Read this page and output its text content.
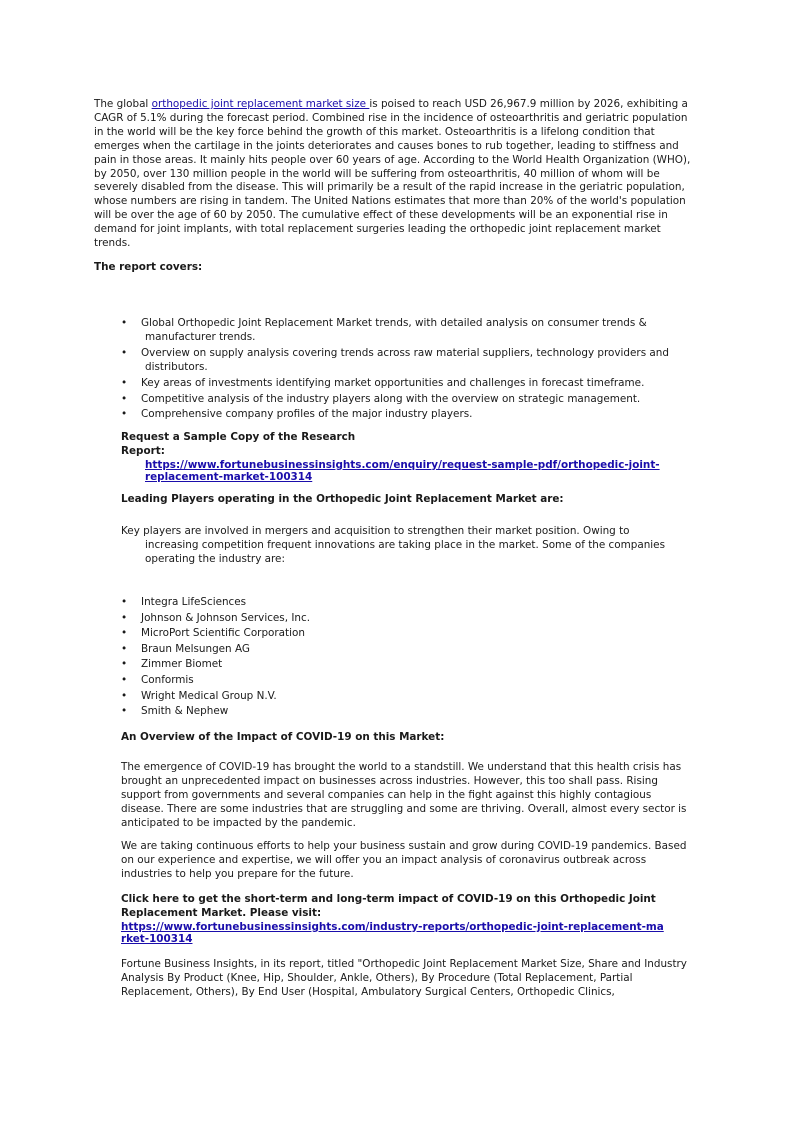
The global orthopedic joint replacement market size is poised to reach USD 26,967.9 million by 2026, exhibiting a CAGR of 5.1% during the forecast period. Combined rise in the incidence of osteoarthritis and geriatric population in the world will be the key force behind the growth of this market. Osteoarthritis is a lifelong condition that emerges when the cartilage in the joints deteriorates and causes bones to rub together, leading to stiffness and pain in those areas. It mainly hits people over 60 years of age. According to the World Health Organization (WHO), by 2050, over 130 million people in the world will be suffering from osteoarthritis, 40 million of whom will be severely disabled from the disease. This will primarily be a result of the rapid increase in the geriatric population, whose numbers are rising in tandem. The United Nations estimates that more than 20% of the world's population will be over the age of 60 by 2050. The cumulative effect of these developments will be an exponential rise in demand for joint implants, with total replacement surgeries leading the orthopedic joint replacement market trends.

The report covers:

• Global Orthopedic Joint Replacement Market trends, with detailed analysis on consumer trends &
manufacturer trends.
• Overview on supply analysis covering trends across raw material suppliers, technology providers and
distributors.
• Key areas of investments identifying market opportunities and challenges in forecast timeframe.
• Competitive analysis of the industry players along with the overview on strategic management.
• Comprehensive company profiles of the major industry players.

Request a Sample Copy of the Research

Report:

https://www.fortunebusinessinsights.com/enquiry/request-sample-pdf/orthopedic-joint-
replacement-market-100314

Leading Players operating in the Orthopedic Joint Replacement Market are:

Key players are involved in mergers and acquisition to strengthen their market position. Owing to

increasing competition frequent innovations are taking place in the market. Some of the companies
operating the industry are:

• Integra LifeSciences
• Johnson & Johnson Services, Inc.
• MicroPort Scientific Corporation
• Braun Melsungen AG
• Zimmer Biomet
• Conformis
• Wright Medical Group N.V.
• Smith & Nephew

An Overview of the Impact of COVID-19 on this Market:

The emergence of COVID-19 has brought the world to a standstill. We understand that this health crisis has brought an unprecedented impact on businesses across industries. However, this too shall pass. Rising support from governments and several companies can help in the fight against this highly contagious disease. There are some industries that are struggling and some are thriving. Overall, almost every sector is anticipated to be impacted by the pandemic.

We are taking continuous efforts to help your business sustain and grow during COVID-19 pandemics. Based on our experience and expertise, we will offer you an impact analysis of coronavirus outbreak across industries to help you prepare for the future.

Click here to get the short-term and long-term impact of COVID-19 on this Orthopedic Joint Replacement Market. Please visit:

https://www.fortunebusinessinsights.com/industry-reports/orthopedic-joint-replacement-ma
rket-100314

Fortune Business Insights, in its report, titled "Orthopedic Joint Replacement Market Size, Share and Industry Analysis By Product (Knee, Hip, Shoulder, Ankle, Others), By Procedure (Total Replacement, Partial Replacement, Others), By End User (Hospital, Ambulatory Surgical Centers, Orthopedic Clinics,
